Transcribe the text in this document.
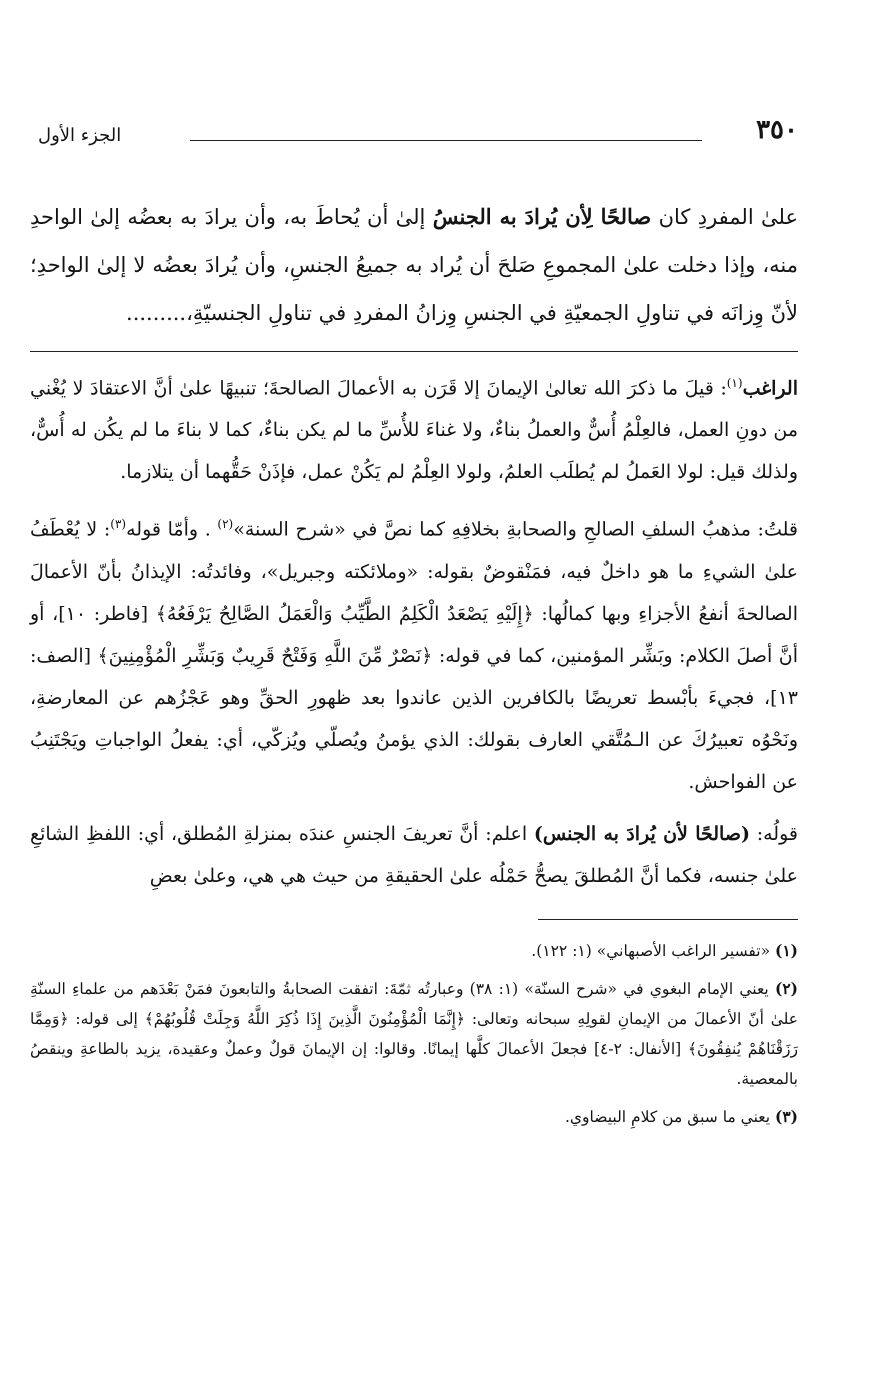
٣٥٠
الجزء الأول
علىٰ المفردِ كان صالحًا لِأن يُرادَ به الجنسُ إلىٰ أن يُحاطَ به، وأن يرادَ به بعضُه إلىٰ الواحدِ منه، وإذا دخلت علىٰ المجموعِ صَلحَ أن يُراد به جميعُ الجنسِ، وأن يُرادَ بعضُه لا إلىٰ الواحدِ؛ لأنّ وِزانَه في تناولِ الجمعيّةِ في الجنسِ وِزانُ المفردِ في تناولِ الجنسيّةِ،.........

الراغب$^{(١)}$: قيلَ ما ذكرَ الله تعالىٰ الإيمانَ إلا قَرَن به الأعمالَ الصالحةَ؛ تنبيهًا علىٰ أنَّ الاعتقادَ لا يُغْني من دونِ العمل، فالعِلْمُ أُسٌّ والعملُ بناءٌ، ولا غناءَ للأُسِّ ما لم يكن بناءٌ، كما لا بناءَ ما لم يكُن له أُسٌّ، ولذلك قيل: لولا العَملُ لم يُطلَب العلمُ، ولولا العِلْمُ لم يَكُنْ عمل، فإذَنْ حَقُّهما أن يتلازما.

قلتُ: مذهبُ السلفِ الصالحِ والصحابةِ بخلافِهِ كما نصَّ في «شرح السنة»$^{(٢)}$ . وأمّا قوله$^{(٣)}$: لا يُعْطَفُ علىٰ الشيءِ ما هو داخلٌ فيه، فمَنْقوضٌ بقوله: «وملائكته وجبريل»، وفائدتُه: الإيذانُ بأنّ الأعمالَ الصالحةَ أنفعُ الأجزاءِ وبها كمالُها: ﴿إِلَيْهِ يَصْعَدُ الْكَلِمُ الطَّيِّبُ وَالْعَمَلُ الصَّالِحُ يَرْفَعُهُ﴾ [فاطر: ١٠]، أو أنَّ أصلَ الكلام: وبَشِّر المؤمنين، كما في قوله: ﴿نَصْرٌ مِّنَ اللَّهِ وَفَتْحٌ قَرِيبٌ وَبَشِّرِ الْمُؤْمِنِينَ﴾ [الصف: ١٣]، فجيءَ بأبْسط تعريضًا بالكافرين الذين عاندوا بعد ظهورِ الحقِّ وهو عَجْزُهم عن المعارضةِ، ونَحْوُه تعبيرُكَ عن الـمُتَّقي العارف بقولك: الذي يؤمنُ ويُصلّي ويُزكّي، أي: يفعلُ الواجباتِ ويَجْتَنِبُ عن الفواحش.

قولُه: (صالحًا لأن يُرادَ به الجنس) اعلم: أنَّ تعريفَ الجنسِ عندَه بمنزلةِ المُطلق، أي: اللفظِ الشائعِ علىٰ جنسه، فكما أنَّ المُطلقَ يصحُّ حَمْلُه علىٰ الحقيقةِ من حيث هي هي، وعلىٰ بعضِ

(١) «تفسير الراغب الأصبهاني» (١: ١٢٢).

(٢) يعني الإمام البغوي في «شرح السنّة» (١: ٣٨) وعبارتُه ثمّةَ: اتفقت الصحابةُ والتابعونَ فمَنْ بَعْدَهم من علماءِ السنّةِ علىٰ أنّ الأعمالَ من الإيمانِ لقولِهِ سبحانه وتعالى: ﴿إِنَّمَا الْمُؤْمِنُونَ الَّذِينَ إِذَا ذُكِرَ اللَّهُ وَجِلَتْ قُلُوبُهُمْ﴾ إلى قوله: ﴿وَمِمَّا رَزَقْنَاهُمْ يُنفِقُونَ﴾ [الأنفال: ٢-٤] فجعلَ الأعمالَ كلَّها إيمانًا. وقالوا: إن الإيمانَ قولٌ وعملٌ وعقيدة، يزيد بالطاعةِ وينقصُ بالمعصية.

(٣) يعني ما سبق من كلامِ البيضاوي.
